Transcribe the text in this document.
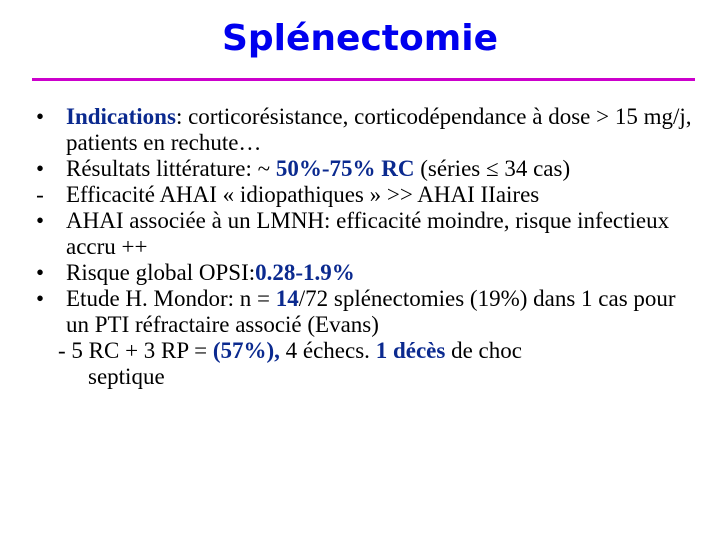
Splénectomie
• Indications: corticorésistance, corticodépendance à dose > 15 mg/j, patients en rechute…
• Résultats littérature: ~ 50%-75% RC (séries ≤ 34 cas)
- Efficacité AHAI « idiopathiques » >> AHAI IIaires
• AHAI associée à un LMNH: efficacité moindre, risque infectieux accru ++
• Risque global OPSI:0.28-1.9%
• Etude H. Mondor: n = 14/72 splénectomies (19%) dans 1 cas pour un PTI réfractaire associé (Evans)
- 5 RC + 3 RP = (57%), 4 échecs. 1 décès de choc
septique
